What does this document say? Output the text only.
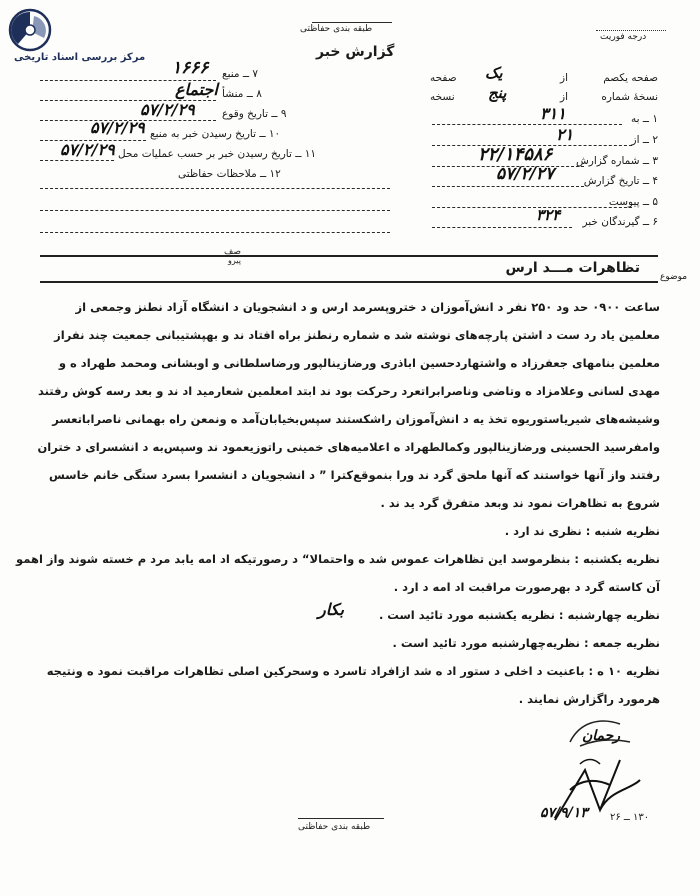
مرکز بررسی اسناد تاریخی
طبقه بندی حفاظتی
گزارش خبر
درجه فوریت
صفحه یکصم
از
صفحه یک
نسخهٔ شماره
از
نسخه پنج
۱ ــ به
۳۱۱
۲ ــ از
۲۱
۳ ــ شماره گزارش
۲۲/۱۴۵۸۶
۴ ــ تاریخ گزارش
۵۷/۲/۲۷
۵ ــ پیوست
۶ ــ گیرندگان خبر
۳۲۴
۷ ــ منبع
۱۶۶۶
۸ ــ منشأ
اجتماع
۹ ــ تاریخ وقوع
۵۷/۲/۲۹
۱۰ ــ تاریخ رسیدن خبر به منبع
۵۷/۲/۲۹
۱۱ ــ تاریخ رسیدن خبر بر حسب عملیات محل
۵۷/۲/۲۹
۱۲ ــ ملاحظات حفاظتی
صف
پیرو
موضوع
تظاهرات مـــد ارس
ساعت ۰۹۰۰ حد ود ۲۵۰ نفر د انش‌آموزان د ختروپسرمد ارس و د انشجویان د انشگاه آزاد نطنز وجمعی از
معلمین یاد رد ست د اشتن پارچه‌های نوشته شد ه شماره رنطنز براه افتاد ند و بهپشتیبانی جمعیت چند نفراز
معلمین بنامهای جعفرزاد ه واشتهاردحسین اباذری ورضازینالپور ورضاسلطانی و اوبشانی ومحمد طهراد ه و
مهدی لسانی وعلامزاد ه وتاضی وناصرابراتعرد رحرکت بود ند ابتد امعلمین شعارمید اد ند و بعد رسه کوش رفتند
وشیشه‌های شیریاستوریوه تخذ یه د انش‌آموزان راشکستند سپس‌بخیابان‌آمد ه ونمعن راه بهمانی ناصراباتعسر
وامفرسید الحسینی ورضازینالپور وکمالطهراد ه اعلامیه‌های خمینی راتوزیعمود ند وسپس‌به د انشسرای د ختران
رفتند واز آنها خواستند که آنها ملحق گرد ند ورا بنموقع‌کترا ” د انشجویان د انشسرا بسرد ستگی خانم خاسس
شروع به تظاهرات نمود ند وبعد متفرق گرد ید ند .
نظریه شنبه : نظری ند ارد .
نظریه یکشنبه : بنظرموسد این تظاهرات عموس شد ه واحتمالا“ د رصورتیکه اد امه یابد مرد م خسته شوند واز اهمو
آن کاسته گرد د بهرصورت مراقبت اد امه د ارد .
نظریه چهارشنبه : نظریه یکشنبه مورد تائید است .
بکار
نظریه جمعه : نظریه‌چهارشنبه مورد تائید است .
نظریه ۱۰ ه : باعنیت د اخلی د ستور اد ه شد ازافراد تاسرد ه وسحرکین اصلی تظاهرات مراقبت نمود ه ونتیجه
هرمورد راگزارش نمایند .
رحمان
۵۷/۹/۱۳ ۱۳۰ ــ ۲۶
طبقه بندی حفاظتی
